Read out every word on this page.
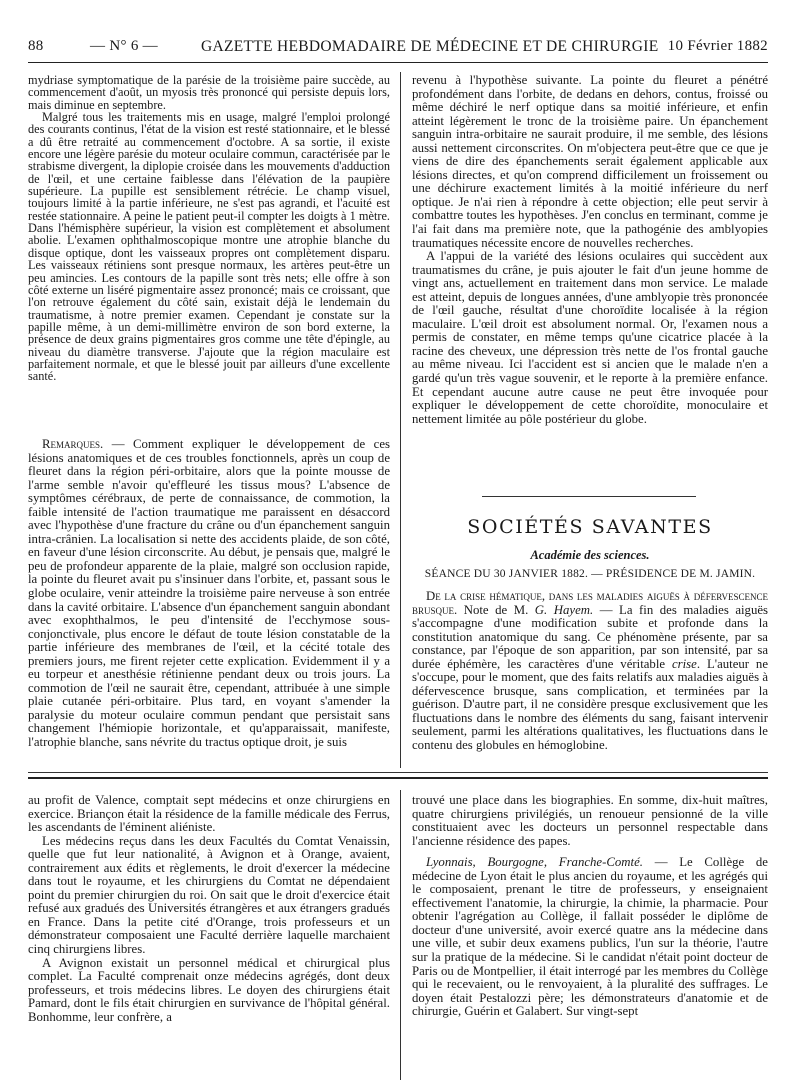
88	— N° 6 —	GAZETTE HEBDOMADAIRE DE MÉDECINE ET DE CHIRURGIE 10 Février 1882

mydriase symptomatique de la parésie de la troisième paire succède, au commencement d'août, un myosis très prononcé qui persiste depuis lors, mais diminue en septembre.

Malgré tous les traitements mis en usage, malgré l'emploi prolongé des courants continus, l'état de la vision est resté stationnaire, et le blessé a dû être retraité au commencement d'octobre. A sa sortie, il existe encore une légère parésie du moteur oculaire commun, caractérisée par le strabisme divergent, la diplopie croisée dans les mouvements d'adduction de l'œil, et une certaine faiblesse dans l'élévation de la paupière supérieure. La pupille est sensiblement rétrécie. Le champ visuel, toujours limité à la partie inférieure, ne s'est pas agrandi, et l'acuité est restée stationnaire. A peine le patient peut-il compter les doigts à 1 mètre. Dans l'hémisphère supérieur, la vision est complètement et absolument abolie. L'examen ophthalmoscopique montre une atrophie blanche du disque optique, dont les vaisseaux propres ont complètement disparu. Les vaisseaux rétiniens sont presque normaux, les artères peut-être un peu amincies. Les contours de la papille sont très nets; elle offre à son côté externe un liséré pigmentaire assez prononcé; mais ce croissant, que l'on retrouve également du côté sain, existait déjà le lendemain du traumatisme, à notre premier examen. Cependant je constate sur la papille même, à un demi-millimètre environ de son bord externe, la présence de deux grains pigmentaires gros comme une tête d'épingle, au niveau du diamètre transverse. J'ajoute que la région maculaire est parfaitement normale, et que le blessé jouit par ailleurs d'une excellente santé.

Remarques. — Comment expliquer le développement de ces lésions anatomiques et de ces troubles fonctionnels, après un coup de fleuret dans la région péri-orbitaire, alors que la pointe mousse de l'arme semble n'avoir qu'effleuré les tissus mous? L'absence de symptômes cérébraux, de perte de connaissance, de commotion, la faible intensité de l'action traumatique me paraissent en désaccord avec l'hypothèse d'une fracture du crâne ou d'un épanchement sanguin intra-crânien. La localisation si nette des accidents plaide, de son côté, en faveur d'une lésion circonscrite. Au début, je pensais que, malgré le peu de profondeur apparente de la plaie, malgré son occlusion rapide, la pointe du fleuret avait pu s'insinuer dans l'orbite, et, passant sous le globe oculaire, venir atteindre la troisième paire nerveuse à son entrée dans la cavité orbitaire. L'absence d'un épanchement sanguin abondant avec exophthalmos, le peu d'intensité de l'ecchymose sous-conjonctivale, plus encore le défaut de toute lésion constatable de la partie inférieure des membranes de l'œil, et la cécité totale des premiers jours, me firent rejeter cette explication. Evidemment il y a eu torpeur et anesthésie rétinienne pendant deux ou trois jours. La commotion de l'œil ne saurait être, cependant, attribuée à une simple plaie cutanée péri-orbitaire. Plus tard, en voyant s'amender la paralysie du moteur oculaire commun pendant que persistait sans changement l'hémiopie horizontale, et qu'apparaissait, manifeste, l'atrophie blanche, sans névrite du tractus optique droit, je suis

revenu à l'hypothèse suivante. La pointe du fleuret a pénétré profondément dans l'orbite, de dedans en dehors, contus, froissé ou même déchiré le nerf optique dans sa moitié inférieure, et enfin atteint légèrement le tronc de la troisième paire. Un épanchement sanguin intra-orbitaire ne saurait produire, il me semble, des lésions aussi nettement circonscrites. On m'objectera peut-être que ce que je viens de dire des épanchements serait également applicable aux lésions directes, et qu'on comprend difficilement un froissement ou une déchirure exactement limités à la moitié inférieure du nerf optique. Je n'ai rien à répondre à cette objection; elle peut servir à combattre toutes les hypothèses. J'en conclus en terminant, comme je l'ai fait dans ma première note, que la pathogénie des amblyopies traumatiques nécessite encore de nouvelles recherches.

A l'appui de la variété des lésions oculaires qui succèdent aux traumatismes du crâne, je puis ajouter le fait d'un jeune homme de vingt ans, actuellement en traitement dans mon service. Le malade est atteint, depuis de longues années, d'une amblyopie très prononcée de l'œil gauche, résultat d'une choroïdite localisée à la région maculaire. L'œil droit est absolument normal. Or, l'examen nous a permis de constater, en même temps qu'une cicatrice placée à la racine des cheveux, une dépression très nette de l'os frontal gauche au même niveau. Ici l'accident est si ancien que le malade n'en a gardé qu'un très vague souvenir, et le reporte à la première enfance. Et cependant aucune autre cause ne peut être invoquée pour expliquer le développement de cette choroïdite, monoculaire et nettement limitée au pôle postérieur du globe.

SOCIÉTÉS SAVANTES
Académie des sciences.
SÉANCE DU 30 JANVIER 1882. — PRÉSIDENCE DE M. JAMIN.

De la crise hématique, dans les maladies aiguës à défervescence brusque. Note de M. G. Hayem. — La fin des maladies aiguës s'accompagne d'une modification subite et profonde dans la constitution anatomique du sang. Ce phénomène présente, par sa constance, par l'époque de son apparition, par son intensité, par sa durée éphémère, les caractères d'une véritable crise. L'auteur ne s'occupe, pour le moment, que des faits relatifs aux maladies aiguës à défervescence brusque, sans complication, et terminées par la guérison. D'autre part, il ne considère presque exclusivement que les fluctuations dans le nombre des éléments du sang, faisant intervenir seulement, parmi les altérations qualitatives, les fluctuations dans le contenu des globules en hémoglobine.

au profit de Valence, comptait sept médecins et onze chirurgiens en exercice. Briançon était la résidence de la famille médicale des Ferrus, les ascendants de l'éminent aliéniste.

Les médecins reçus dans les deux Facultés du Comtat Venaissin, quelle que fut leur nationalité, à Avignon et à Orange, avaient, contrairement aux édits et règlements, le droit d'exercer la médecine dans tout le royaume, et les chirurgiens du Comtat ne dépendaient point du premier chirurgien du roi. On sait que le droit d'exercice était refusé aux gradués des Universités étrangères et aux étrangers gradués en France. Dans la petite cité d'Orange, trois professeurs et un démonstrateur composaient une Faculté derrière laquelle marchaient cinq chirurgiens libres.

A Avignon existait un personnel médical et chirurgical plus complet. La Faculté comprenait onze médecins agrégés, dont deux professeurs, et trois médecins libres. Le doyen des chirurgiens était Pamard, dont le fils était chirurgien en survivance de l'hôpital général. Bonhomme, leur confrère, a

trouvé une place dans les biographies. En somme, dix-huit maîtres, quatre chirurgiens privilégiés, un renoueur pensionné de la ville constituaient avec les docteurs un personnel respectable dans l'ancienne résidence des papes.

Lyonnais, Bourgogne, Franche-Comté. — Le Collège de médecine de Lyon était le plus ancien du royaume, et les agrégés qui le composaient, prenant le titre de professeurs, y enseignaient effectivement l'anatomie, la chirurgie, la chimie, la pharmacie. Pour obtenir l'agrégation au Collège, il fallait posséder le diplôme de docteur d'une université, avoir exercé quatre ans la médecine dans une ville, et subir deux examens publics, l'un sur la théorie, l'autre sur la pratique de la médecine. Si le candidat n'était point docteur de Paris ou de Montpellier, il était interrogé par les membres du Collège qui le recevaient, ou le renvoyaient, à la pluralité des suffrages. Le doyen était Pestalozzi père; les démonstrateurs d'anatomie et de chirurgie, Guérin et Galabert. Sur vingt-sept
